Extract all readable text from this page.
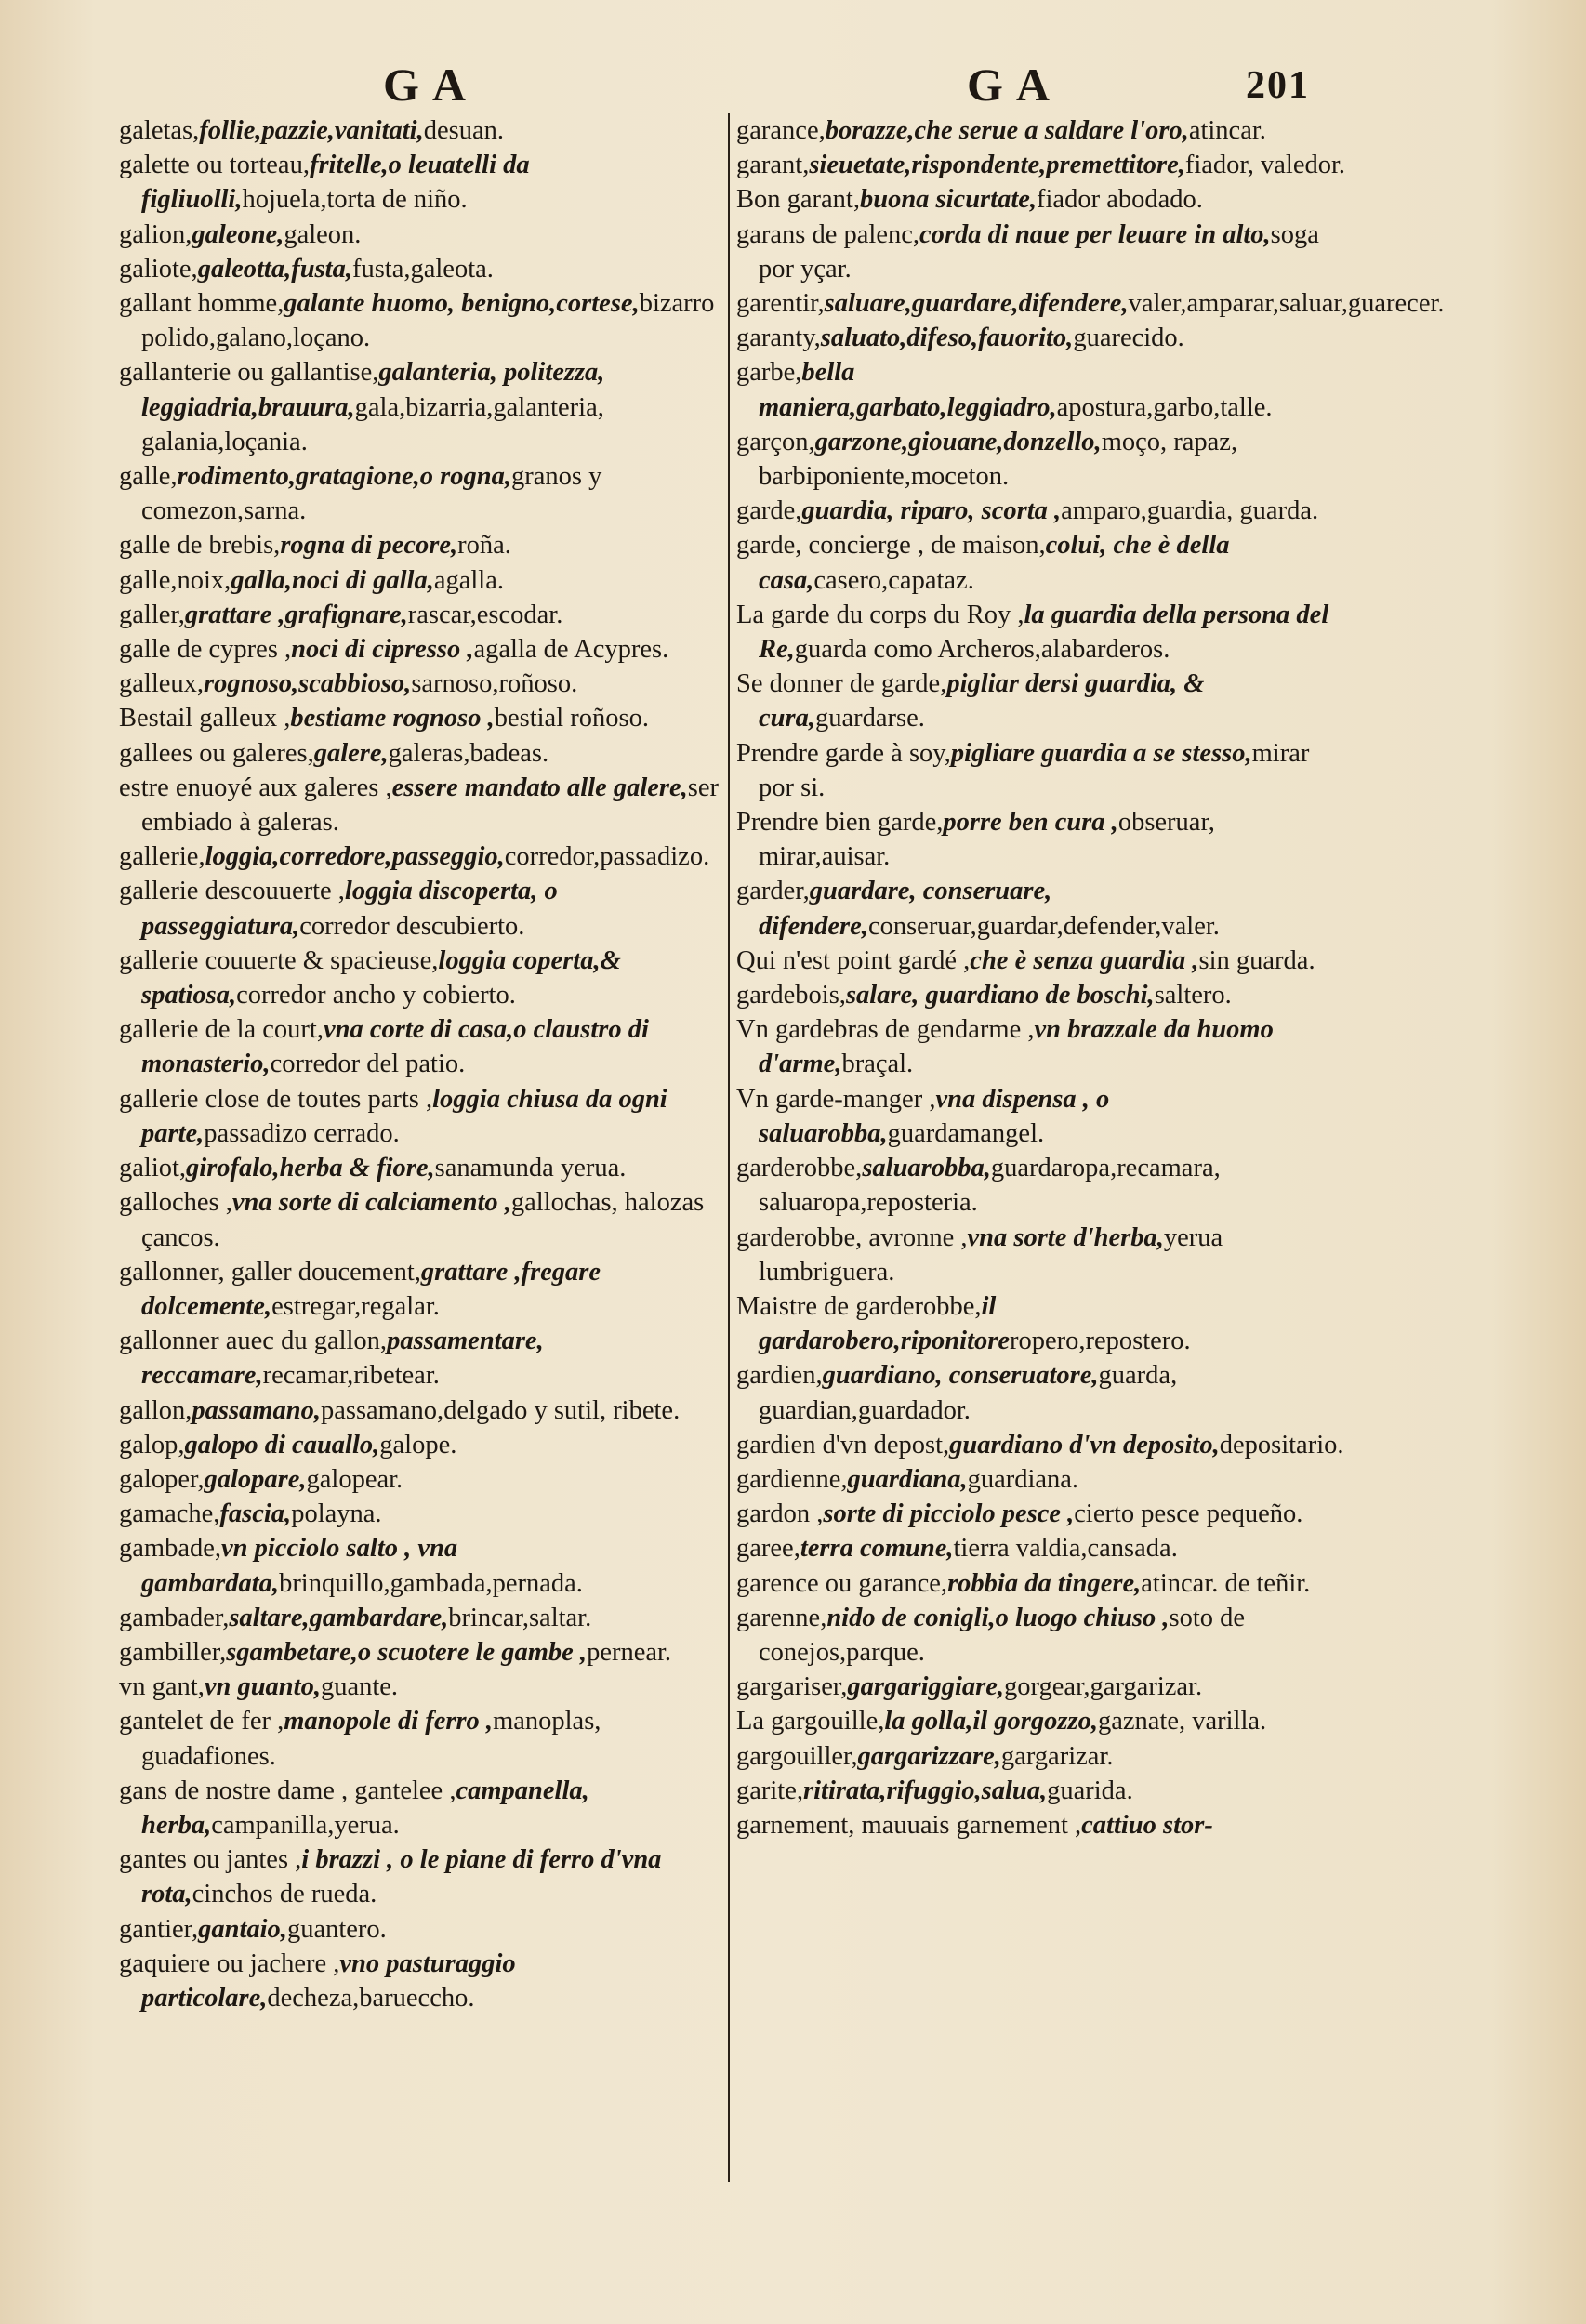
GA	GA	201

galetas,follie,pazzie,vanitati,desuan.

galette ou torteau,fritelle,o leuatelli da figliuolli,hojuela,torta de niño.

galion,galeone,galeon.

galiote,galeotta,fusta,fusta,galeota.

gallant homme,galante huomo, benigno,cortese,bizarro polido,galano,loçano.

gallanterie ou gallantise,galanteria, politezza, leggiadria,brauura,gala,bizarria,galanteria, galania,loçania.

galle,rodimento,gratagione,o rogna,granos y comezon,sarna.

galle de brebis,rogna di pecore,roña.

galle,noix,galla,noci di galla,agalla.

galler,grattare ,grafignare,rascar,escodar.

galle de cypres ,noci di cipresso ,agalla de Acypres.

galleux,rognoso,scabbioso,sarnoso,roñoso.

Bestail galleux ,bestiame rognoso ,bestial roñoso.

gallees ou galeres,galere,galeras,badeas.

estre enuoyé aux galeres ,essere mandato alle galere,ser embiado à galeras.

gallerie,loggia,corredore,passeggio,corredor,passadizo.

gallerie descouuerte ,loggia discoperta, o passeggiatura,corredor descubierto.

gallerie couuerte & spacieuse,loggia coperta,& spatiosa,corredor ancho y cobierto.

gallerie de la court,vna corte di casa,o claustro di monasterio,corredor del patio.

gallerie close de toutes parts ,loggia chiusa da ogni parte,passadizo cerrado.

galiot,girofalo,herba & fiore,sanamunda yerua.

galloches ,vna sorte di calciamento ,gallochas, halozas çancos.

gallonner, galler doucement,grattare ,fregare dolcemente,estregar,regalar.

gallonner auec du gallon,passamentare, reccamare,recamar,ribetear.

gallon,passamano,passamano,delgado y sutil, ribete.

galop,galopo di cauallo,galope.

galoper,galopare,galopear.

gamache,fascia,polayna.

gambade,vn picciolo salto , vna gambardata,brinquillo,gambada,pernada.

gambader,saltare,gambardare,brincar,saltar.

gambiller,sgambetare,o scuotere le gambe ,pernear.

vn gant,vn guanto,guante.

gantelet de fer ,manopole di ferro ,manoplas, guadafiones.

gans de nostre dame , gantelee ,campanella, herba,campanilla,yerua.

gantes ou jantes ,i brazzi , o le piane di ferro d'vna rota,cinchos de rueda.

gantier,gantaio,guantero.

gaquiere ou jachere ,vno pasturaggio particolare,decheza,barueccho.

garance,borazze,che serue a saldare l'oro,atincar.

garant,sieuetate,rispondente,premettitore,fiador, valedor.

Bon garant,buona sicurtate,fiador abodado.

garans de palenc,corda di naue per leuare in alto,soga por yçar.

garentir,saluare,guardare,difendere,valer,amparar,saluar,guarecer.

garanty,saluato,difeso,fauorito,guarecido.

garbe,bella maniera,garbato,leggiadro,apostura,garbo,talle.

garçon,garzone,giouane,donzello,moço, rapaz, barbiponiente,moceton.

garde,guardia, riparo, scorta ,amparo,guardia, guarda.

garde, concierge , de maison,colui, che è della casa,casero,capataz.

La garde du corps du Roy ,la guardia della persona del Re,guarda como Archeros,alabarderos.

Se donner de garde,pigliar dersi guardia, & cura,guardarse.

Prendre garde à soy,pigliare guardia a se stesso,mirar por si.

Prendre bien garde,porre ben cura ,obseruar, mirar,auisar.

garder,guardare, conseruare, difendere,conseruar,guardar,defender,valer.

Qui n'est point gardé ,che è senza guardia ,sin guarda.

gardebois,salare, guardiano de boschi,saltero.

Vn gardebras de gendarme ,vn brazzale da huomo d'arme,braçal.

Vn garde-manger ,vna dispensa , o saluarobba,guardamangel.

garderobbe,saluarobba,guardaropa,recamara, saluaropa,reposteria.

garderobbe, avronne ,vna sorte d'herba,yerua lumbriguera.

Maistre de garderobbe,il gardarobero,riponitoreropero,repostero.

gardien,guardiano, conseruatore,guarda, guardian,guardador.

gardien d'vn depost,guardiano d'vn deposito,depositario.

gardienne,guardiana,guardiana.

gardon ,sorte di picciolo pesce ,cierto pesce pequeño.

garee,terra comune,tierra valdia,cansada.

garence ou garance,robbia da tingere,atincar. de teñir.

garenne,nido de conigli,o luogo chiuso ,soto de conejos,parque.

gargariser,gargariggiare,gorgear,gargarizar.

La gargouille,la golla,il gorgozzo,gaznate, varilla.

gargouiller,gargarizzare,gargarizar.

garite,ritirata,rifuggio,salua,guarida.

garnement, mauuais garnement ,cattiuo stor-
